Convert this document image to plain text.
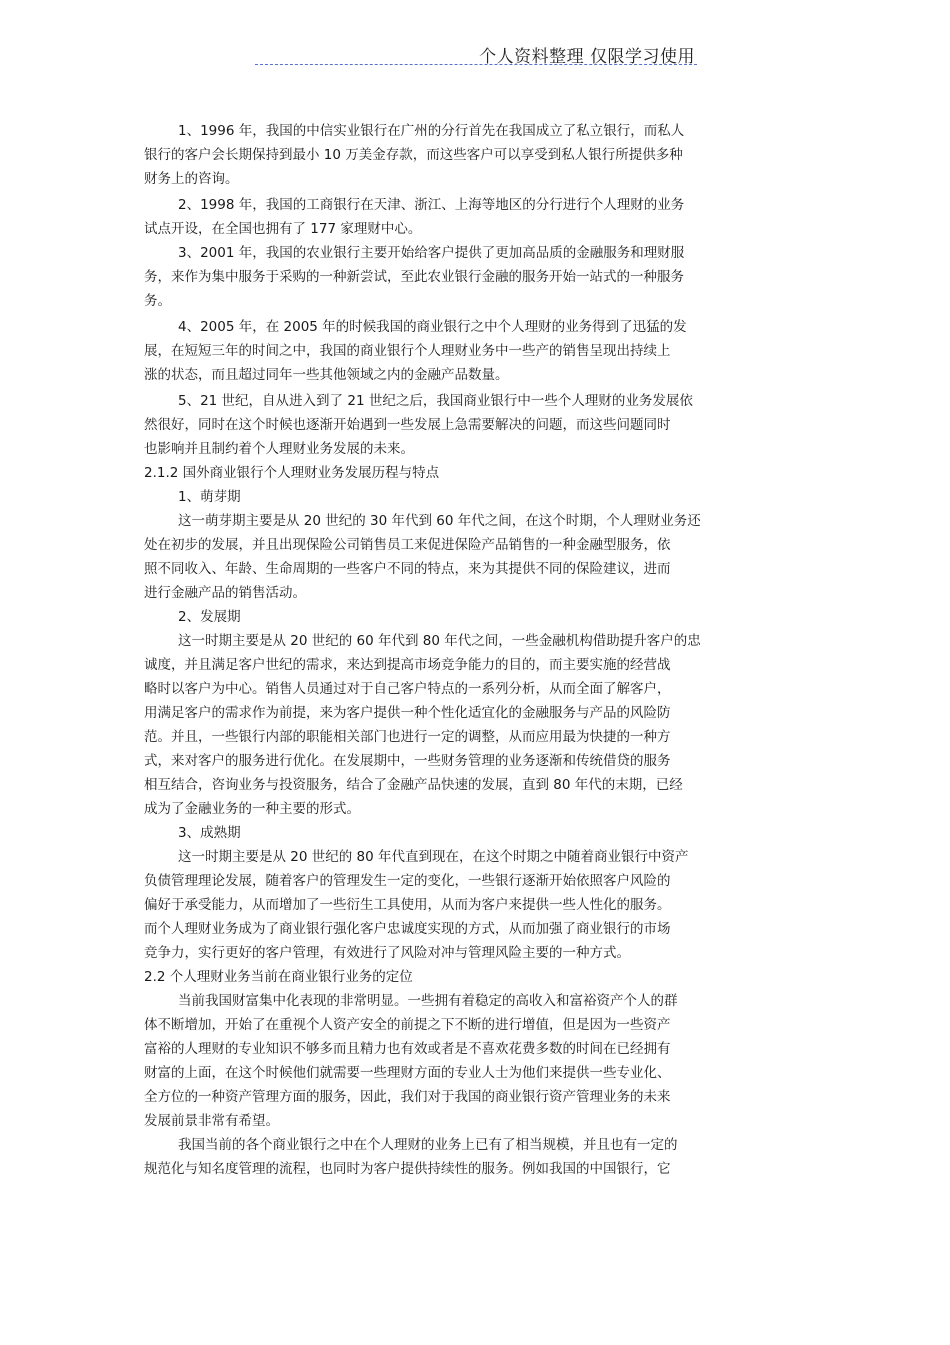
个人资料整理 仅限学习使用
1、1996 年，我国的中信实业银行在广州的分行首先在我国成立了私立银行，而私人
银行的客户会长期保持到最小 10 万美金存款，而这些客户可以享受到私人银行所提供多种
财务上的咨询。
2、1998 年，我国的工商银行在天津、浙江、上海等地区的分行进行个人理财的业务
试点开设，在全国也拥有了 177 家理财中心。
3、2001 年，我国的农业银行主要开始给客户提供了更加高品质的金融服务和理财服
务，来作为集中服务于采购的一种新尝试，至此农业银行金融的服务开始一站式的一种服务
务。
4、2005 年，在 2005 年的时候我国的商业银行之中个人理财的业务得到了迅猛的发
展，在短短三年的时间之中，我国的商业银行个人理财业务中一些产的销售呈现出持续上
涨的状态，而且超过同年一些其他领域之内的金融产品数量。
5、21 世纪，自从进入到了 21 世纪之后，我国商业银行中一些个人理财的业务发展依
然很好，同时在这个时候也逐渐开始遇到一些发展上急需要解决的问题，而这些问题同时
也影响并且制约着个人理财业务发展的未来。
2.1.2 国外商业银行个人理财业务发展历程与特点
1、萌芽期
这一萌芽期主要是从 20 世纪的 30 年代到 60 年代之间，在这个时期，个人理财业务还
处在初步的发展，并且出现保险公司销售员工来促进保险产品销售的一种金融型服务，依
照不同收入、年龄、生命周期的一些客户不同的特点，来为其提供不同的保险建议，进而
进行金融产品的销售活动。
2、发展期
这一时期主要是从 20 世纪的 60 年代到 80 年代之间，一些金融机构借助提升客户的忠
诚度，并且满足客户世纪的需求，来达到提高市场竞争能力的目的，而主要实施的经营战
略时以客户为中心。销售人员通过对于自己客户特点的一系列分析，从而全面了解客户，
用满足客户的需求作为前提，来为客户提供一种个性化适宜化的金融服务与产品的风险防
范。并且，一些银行内部的职能相关部门也进行一定的调整，从而应用最为快捷的一种方
式，来对客户的服务进行优化。在发展期中，一些财务管理的业务逐渐和传统借贷的服务
相互结合，咨询业务与投资服务，结合了金融产品快速的发展，直到 80 年代的末期，已经
成为了金融业务的一种主要的形式。
3、成熟期
这一时期主要是从 20 世纪的 80 年代直到现在，在这个时期之中随着商业银行中资产
负债管理理论发展，随着客户的管理发生一定的变化，一些银行逐渐开始依照客户风险的
偏好于承受能力，从而增加了一些衍生工具使用，从而为客户来提供一些人性化的服务。
而个人理财业务成为了商业银行强化客户忠诚度实现的方式，从而加强了商业银行的市场
竞争力，实行更好的客户管理，有效进行了风险对冲与管理风险主要的一种方式。
2.2 个人理财业务当前在商业银行业务的定位
当前我国财富集中化表现的非常明显。一些拥有着稳定的高收入和富裕资产个人的群
体不断增加，开始了在重视个人资产安全的前提之下不断的进行增值，但是因为一些资产
富裕的人理财的专业知识不够多而且精力也有效或者是不喜欢花费多数的时间在已经拥有
财富的上面，在这个时候他们就需要一些理财方面的专业人士为他们来提供一些专业化、
全方位的一种资产管理方面的服务，因此，我们对于我国的商业银行资产管理业务的未来
发展前景非常有希望。
我国当前的各个商业银行之中在个人理财的业务上已有了相当规模，并且也有一定的
规范化与知名度管理的流程，也同时为客户提供持续性的服务。例如我国的中国银行，它
